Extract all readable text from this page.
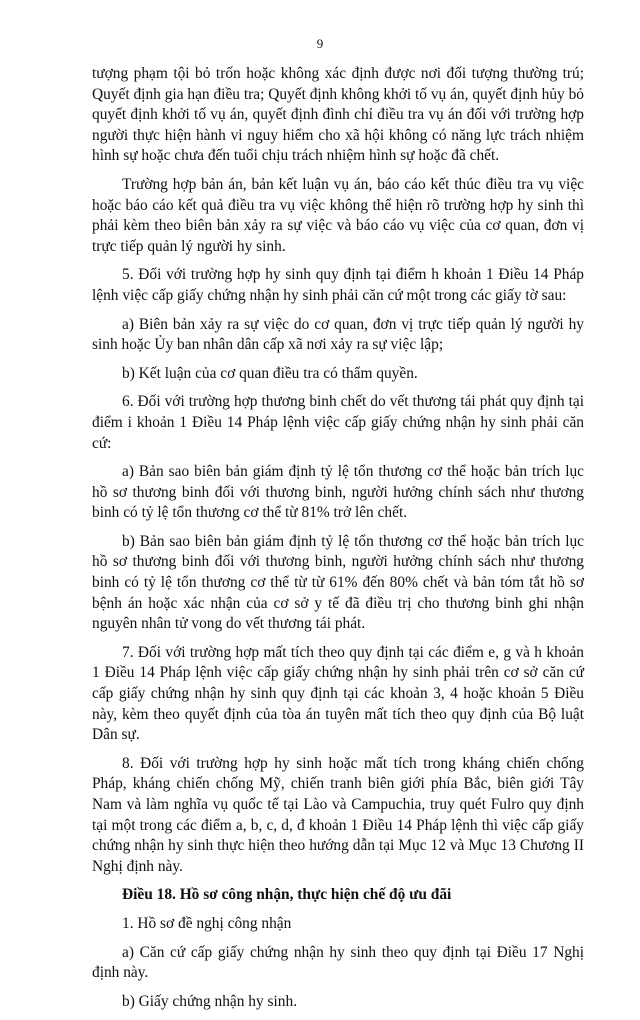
9

tượng phạm tội bỏ trốn hoặc không xác định được nơi đối tượng thường trú; Quyết định gia hạn điều tra; Quyết định không khởi tố vụ án, quyết định hủy bỏ quyết định khởi tố vụ án, quyết định đình chỉ điều tra vụ án đối với trường hợp người thực hiện hành vi nguy hiểm cho xã hội không có năng lực trách nhiệm hình sự hoặc chưa đến tuổi chịu trách nhiệm hình sự hoặc đã chết.

Trường hợp bản án, bản kết luận vụ án, báo cáo kết thúc điều tra vụ việc hoặc báo cáo kết quả điều tra vụ việc không thể hiện rõ trường hợp hy sinh thì phải kèm theo biên bản xảy ra sự việc và báo cáo vụ việc của cơ quan, đơn vị trực tiếp quản lý người hy sinh.

5. Đối với trường hợp hy sinh quy định tại điểm h khoản 1 Điều 14 Pháp lệnh việc cấp giấy chứng nhận hy sinh phải căn cứ một trong các giấy tờ sau:

a) Biên bản xảy ra sự việc do cơ quan, đơn vị trực tiếp quản lý người hy sinh hoặc Ủy ban nhân dân cấp xã nơi xảy ra sự việc lập;

b) Kết luận của cơ quan điều tra có thẩm quyền.

6. Đối với trường hợp thương binh chết do vết thương tái phát quy định tại điểm i khoản 1 Điều 14 Pháp lệnh việc cấp giấy chứng nhận hy sinh phải căn cứ:

a) Bản sao biên bản giám định tỷ lệ tổn thương cơ thể hoặc bản trích lục hồ sơ thương binh đối với thương binh, người hưởng chính sách như thương binh có tỷ lệ tổn thương cơ thể từ 81% trở lên chết.

b) Bản sao biên bản giám định tỷ lệ tổn thương cơ thể hoặc bản trích lục hồ sơ thương binh đối với thương binh, người hưởng chính sách như thương binh có tỷ lệ tổn thương cơ thể từ từ 61% đến 80% chết và bản tóm tắt hồ sơ bệnh án hoặc xác nhận của cơ sở y tế đã điều trị cho thương binh ghi nhận nguyên nhân tử vong do vết thương tái phát.

7. Đối với trường hợp mất tích theo quy định tại các điểm e, g và h khoản 1 Điều 14 Pháp lệnh việc cấp giấy chứng nhận hy sinh phải trên cơ sở căn cứ cấp giấy chứng nhận hy sinh quy định tại các khoản 3, 4 hoặc khoản 5 Điều này, kèm theo quyết định của tòa án tuyên mất tích theo quy định của Bộ luật Dân sự.

8. Đối với trường hợp hy sinh hoặc mất tích trong kháng chiến chống Pháp, kháng chiến chống Mỹ, chiến tranh biên giới phía Bắc, biên giới Tây Nam và làm nghĩa vụ quốc tế tại Lào và Campuchia, truy quét Fulro quy định tại một trong các điểm a, b, c, d, đ khoản 1 Điều 14 Pháp lệnh thì việc cấp giấy chứng nhận hy sinh thực hiện theo hướng dẫn tại Mục 12 và Mục 13 Chương II Nghị định này.

Điều 18. Hồ sơ công nhận, thực hiện chế độ ưu đãi

1. Hồ sơ đề nghị công nhận

a) Căn cứ cấp giấy chứng nhận hy sinh theo quy định tại Điều 17 Nghị định này.

b) Giấy chứng nhận hy sinh.
